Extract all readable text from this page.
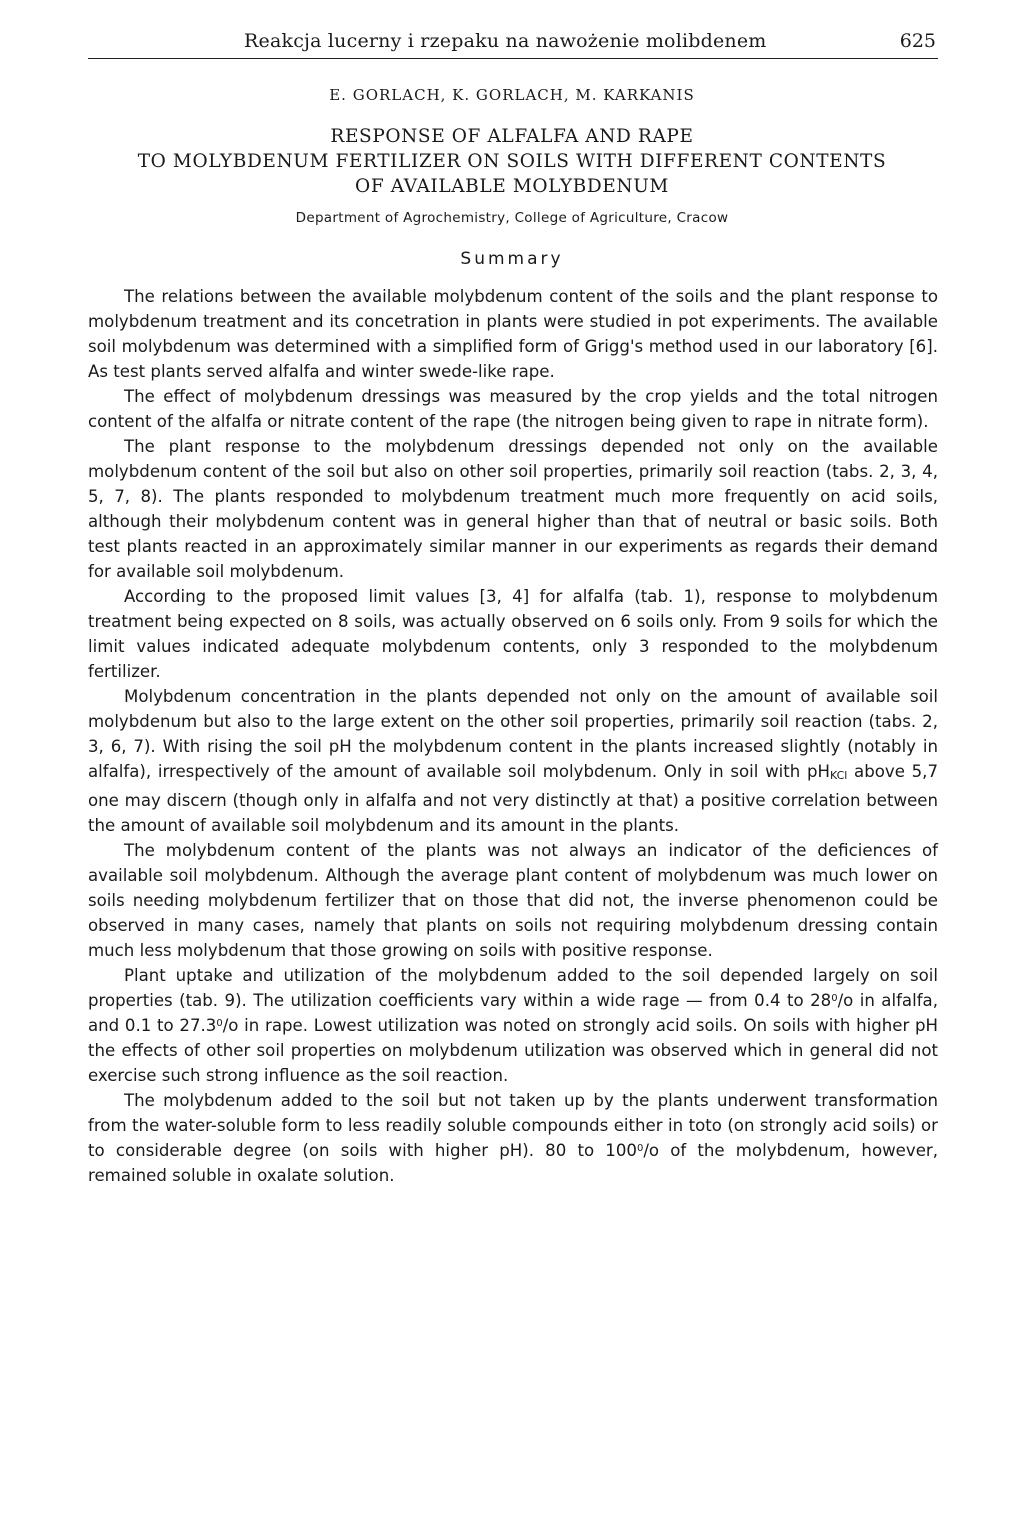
Reakcja lucerny i rzepaku na nawożenie molibdenem	625
E. GORLACH, K. GORLACH, M. KARKANIS
RESPONSE OF ALFALFA AND RAPE
TO MOLYBDENUM FERTILIZER ON SOILS WITH DIFFERENT CONTENTS
OF AVAILABLE MOLYBDENUM
Department of Agrochemistry, College of Agriculture, Cracow
Summary

The relations between the available molybdenum content of the soils and the plant response to molybdenum treatment and its concetration in plants were studied in pot experiments. The available soil molybdenum was determined with a simplified form of Grigg's method used in our laboratory [6]. As test plants served alfalfa and winter swede-like rape.

The effect of molybdenum dressings was measured by the crop yields and the total nitrogen content of the alfalfa or nitrate content of the rape (the nitrogen being given to rape in nitrate form).

The plant response to the molybdenum dressings depended not only on the available molybdenum content of the soil but also on other soil properties, primarily soil reaction (tabs. 2, 3, 4, 5, 7, 8). The plants responded to molybdenum treatment much more frequently on acid soils, although their molybdenum content was in general higher than that of neutral or basic soils. Both test plants reacted in an approximately similar manner in our experiments as regards their demand for available soil molybdenum.

According to the proposed limit values [3, 4] for alfalfa (tab. 1), response to molybdenum treatment being expected on 8 soils, was actually observed on 6 soils only. From 9 soils for which the limit values indicated adequate molybdenum contents, only 3 responded to the molybdenum fertilizer.

Molybdenum concentration in the plants depended not only on the amount of available soil molybdenum but also to the large extent on the other soil properties, primarily soil reaction (tabs. 2, 3, 6, 7). With rising the soil pH the molybdenum content in the plants increased slightly (notably in alfalfa), irrespectively of the amount of available soil molybdenum. Only in soil with $pH_{KCl}$ above 5,7 one may discern (though only in alfalfa and not very distinctly at that) a positive correlation between the amount of available soil molybdenum and its amount in the plants.

The molybdenum content of the plants was not always an indicator of the deficiences of available soil molybdenum. Although the average plant content of molybdenum was much lower on soils needing molybdenum fertilizer that on those that did not, the inverse phenomenon could be observed in many cases, namely that plants on soils not requiring molybdenum dressing contain much less molybdenum that those growing on soils with positive response.

Plant uptake and utilization of the molybdenum added to the soil depended largely on soil properties (tab. 9). The utilization coefficients vary within a wide rage — from 0.4 to $28^0/o$ in alfalfa, and 0.1 to 27.3$^0$/o in rape. Lowest utilization was noted on strongly acid soils. On soils with higher pH the effects of other soil properties on molybdenum utilization was observed which in general did not exercise such strong influence as the soil reaction.

The molybdenum added to the soil but not taken up by the plants underwent transformation from the water-soluble form to less readily soluble compounds either in toto (on strongly acid soils) or to considerable degree (on soils with higher pH). 80 to $100^0/o$ of the molybdenum, however, remained soluble in oxalate solution.
